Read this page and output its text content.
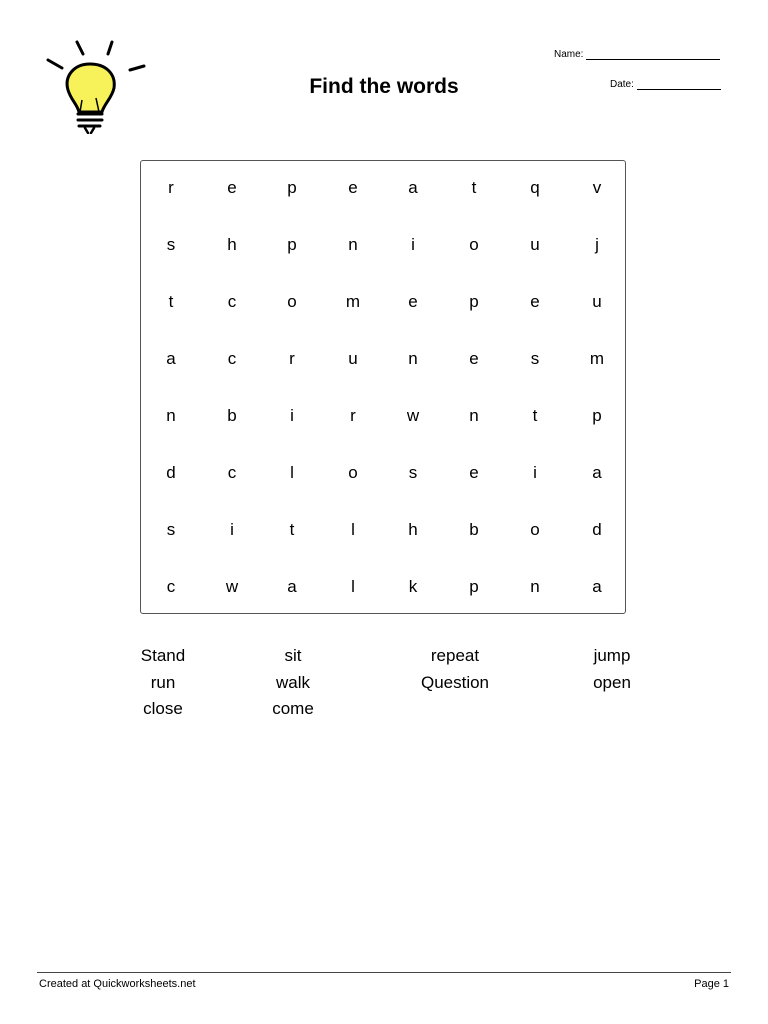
Find the words
Name:
Date:
r	e	p	e	a	t	q	v
s	h	p	n	i	o	u	j
t	c	o	m	e	p	e	u
a	c	r	u	n	e	s	m
n	b	i	r	w	n	t	p
d	c	l	o	s	e	i	a
s	i	t	l	h	b	o	d
c	w	a	l	k	p	n	a
Stand	sit	repeat	jump
run	walk	Question	open
close	come
Created at Quickworksheets.net	Page 1
